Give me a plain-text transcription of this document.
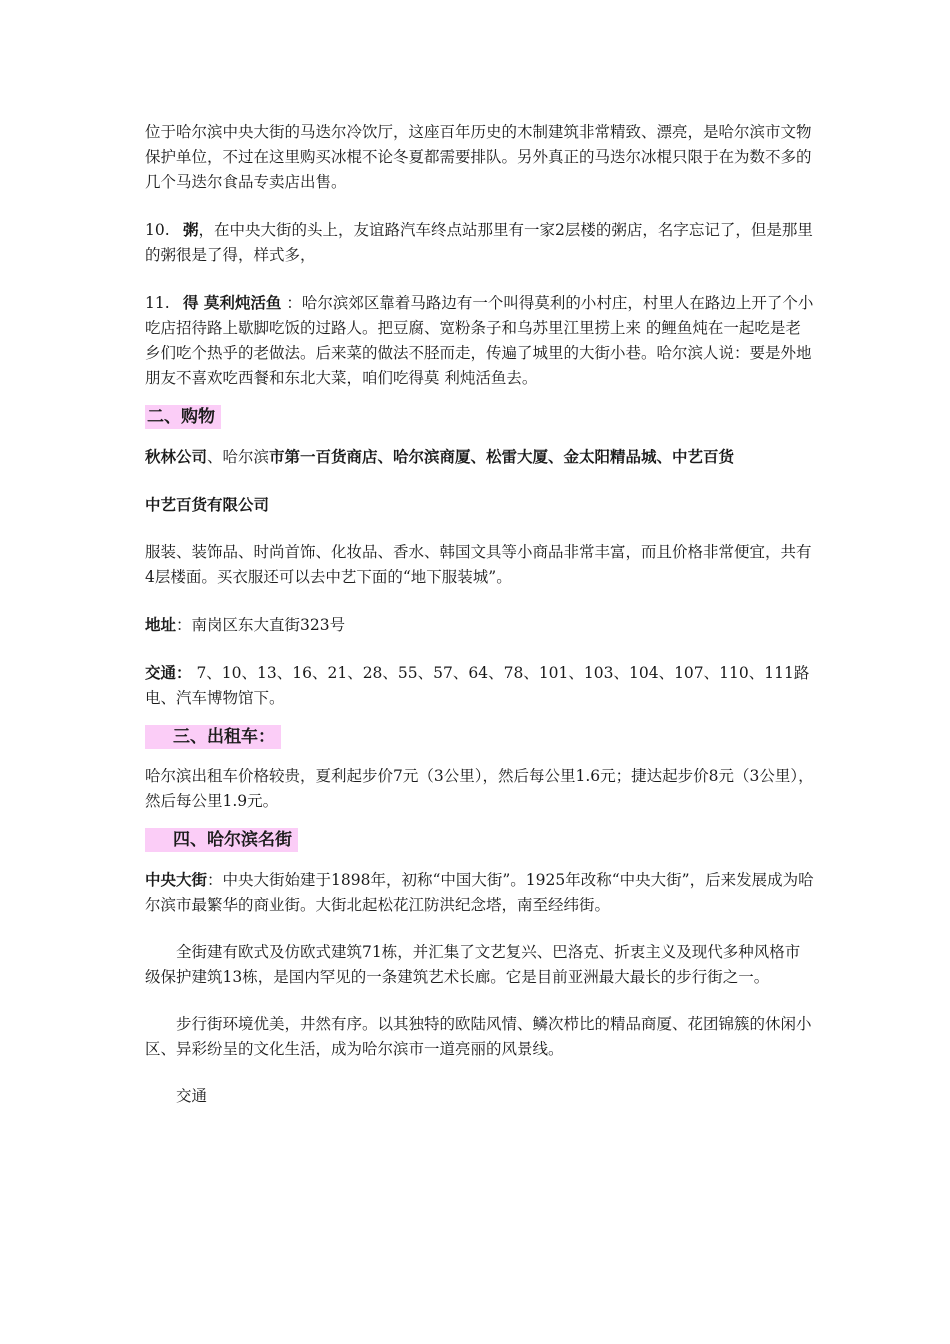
位于哈尔滨中央大街的马迭尔冷饮厅，这座百年历史的木制建筑非常精致、漂亮，是哈尔滨市文物保护单位，不过在这里购买冰棍不论冬夏都需要排队。另外真正的马迭尔冰棍只限于在为数不多的几个马迭尔食品专卖店出售。

10. 粥，在中央大街的头上，友谊路汽车终点站那里有一家2层楼的粥店，名字忘记了，但是那里的粥很是了得，样式多，

11. 得 莫利炖活鱼 ：哈尔滨郊区靠着马路边有一个叫得莫利的小村庄，村里人在路边上开了个小吃店招待路上歇脚吃饭的过路人。把豆腐、宽粉条子和乌苏里江里捞上来 的鲤鱼炖在一起吃是老乡们吃个热乎的老做法。后来菜的做法不胫而走，传遍了城里的大街小巷。哈尔滨人说：要是外地朋友不喜欢吃西餐和东北大菜，咱们吃得莫 利炖活鱼去。

二、购物

秋林公司、哈尔滨市第一百货商店、哈尔滨商厦、松雷大厦、金太阳精品城、中艺百货

中艺百货有限公司

服装、装饰品、时尚首饰、化妆品、香水、韩国文具等小商品非常丰富，而且价格非常便宜，共有4层楼面。买衣服还可以去中艺下面的“地下服装城”。

地址：南岗区东大直街323号

交通： 7、10、13、16、21、28、55、57、64、78、101、103、104、107、110、111路电、汽车博物馆下。

三、出租车：

哈尔滨出租车价格较贵，夏利起步价7元（3公里），然后每公里1.6元；捷达起步价8元（3公里），然后每公里1.9元。

四、哈尔滨名街

中央大街：中央大街始建于1898年，初称“中国大街”。1925年改称“中央大街”，后来发展成为哈尔滨市最繁华的商业街。大街北起松花江防洪纪念塔，南至经纬街。

全街建有欧式及仿欧式建筑71栋，并汇集了文艺复兴、巴洛克、折衷主义及现代多种风格市级保护建筑13栋，是国内罕见的一条建筑艺术长廊。它是目前亚洲最大最长的步行街之一。

步行街环境优美，井然有序。以其独特的欧陆风情、鳞次栉比的精品商厦、花团锦簇的休闲小区、异彩纷呈的文化生活，成为哈尔滨市一道亮丽的风景线。

交通
